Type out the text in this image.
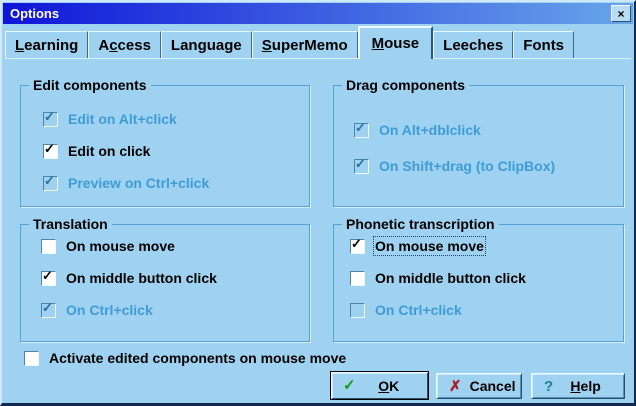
Options	×
Learning Access Language SuperMemo Mouse Leeches Fonts
Edit components
✓ Edit on Alt+click
✓ Edit on click
✓ Preview on Ctrl+click
Drag components
✓ On Alt+dblclick
✓ On Shift+drag (to ClipBox)
Translation
On mouse move
✓ On middle button click
✓ On Ctrl+click
Phonetic transcription
✓ On mouse move
On middle button click
On Ctrl+click
Activate edited components on mouse move
✓	OK	✗ Cancel ?	Help
